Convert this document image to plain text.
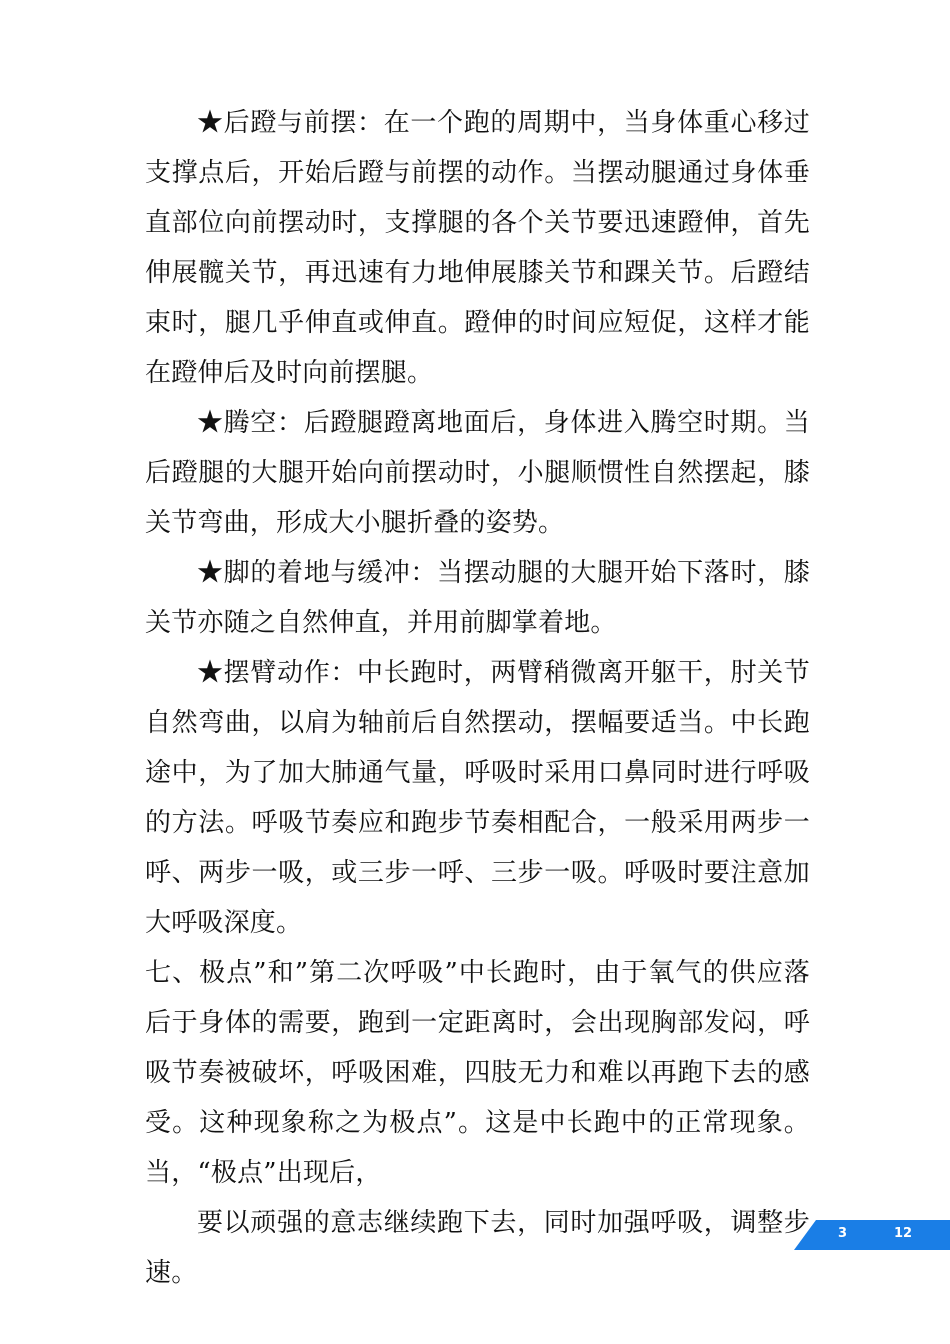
★后蹬与前摆：在一个跑的周期中，当身体重心移过支撑点后，开始后蹬与前摆的动作。当摆动腿通过身体垂直部位向前摆动时，支撑腿的各个关节要迅速蹬伸，首先伸展髋关节，再迅速有力地伸展膝关节和踝关节。后蹬结束时，腿几乎伸直或伸直。蹬伸的时间应短促，这样才能在蹬伸后及时向前摆腿。

★腾空：后蹬腿蹬离地面后，身体进入腾空时期。当后蹬腿的大腿开始向前摆动时，小腿顺惯性自然摆起，膝关节弯曲，形成大小腿折叠的姿势。

★脚的着地与缓冲：当摆动腿的大腿开始下落时，膝关节亦随之自然伸直，并用前脚掌着地。

★摆臂动作：中长跑时，两臂稍微离开躯干，肘关节自然弯曲，以肩为轴前后自然摆动，摆幅要适当。中长跑途中，为了加大肺通气量，呼吸时采用口鼻同时进行呼吸的方法。呼吸节奏应和跑步节奏相配合，一般采用两步一呼、两步一吸，或三步一呼、三步一吸。呼吸时要注意加大呼吸深度。

七、极点”和”第二次呼吸”中长跑时，由于氧气的供应落后于身体的需要，跑到一定距离时，会出现胸部发闷，呼吸节奏被破坏，呼吸困难，四肢无力和难以再跑下去的感受。这种现象称之为极点”。这是中长跑中的正常现象。当，“极点”出现后，

要以顽强的意志继续跑下去，同时加强呼吸，调整步速。

3	12
